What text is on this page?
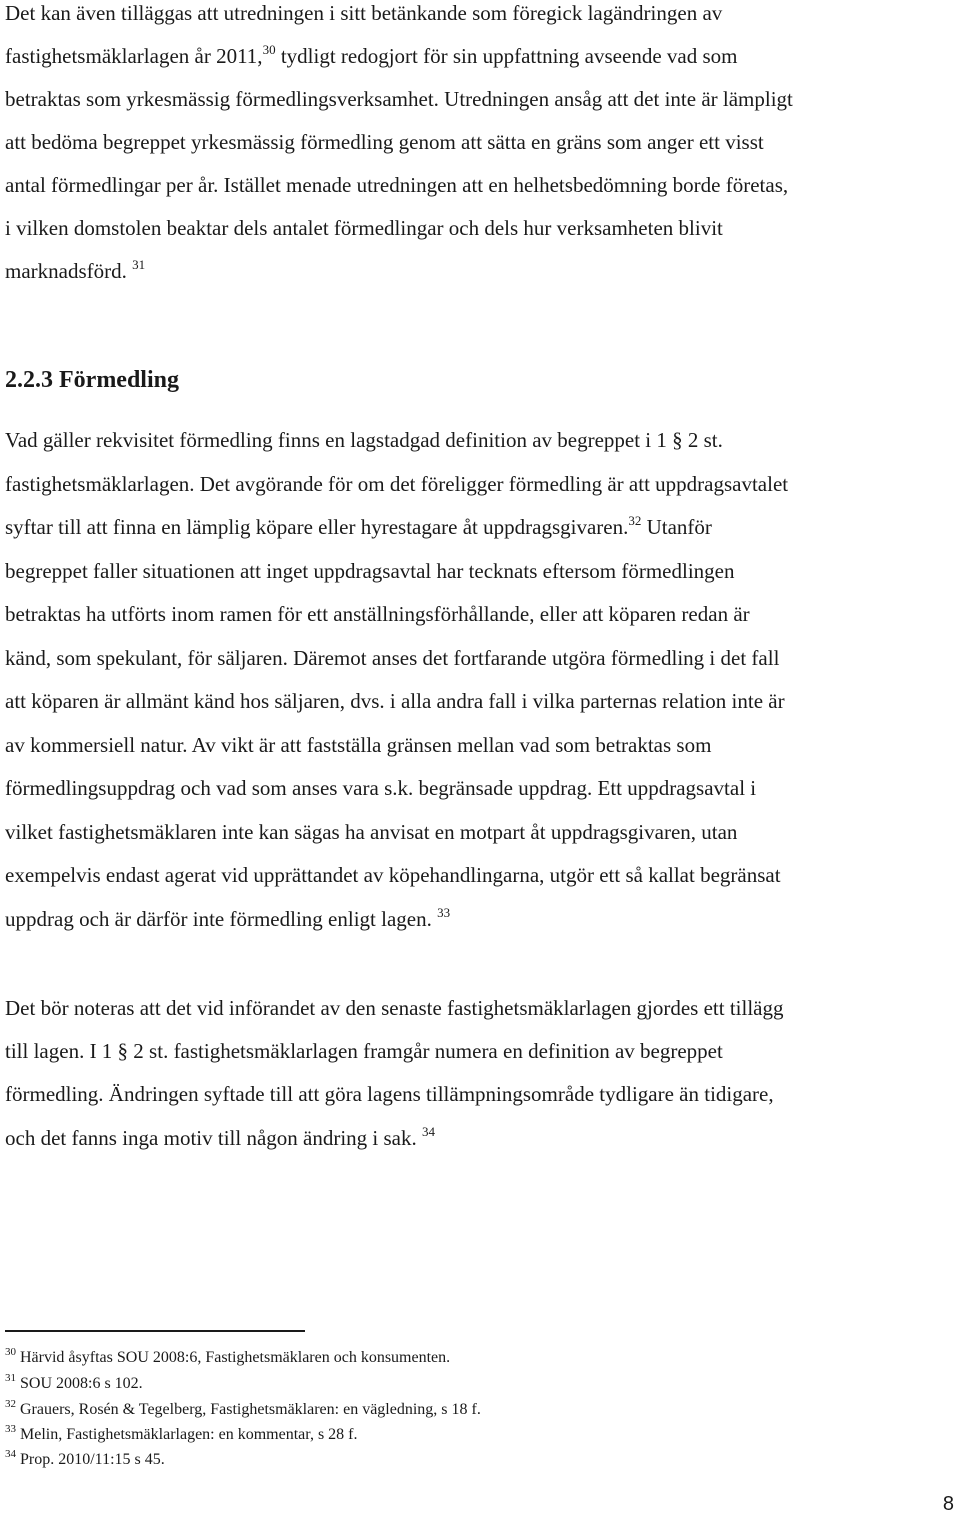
Det kan även tilläggas att utredningen i sitt betänkande som föregick lagändringen av
fastighetsmäklarlagen år 2011,30 tydligt redogjort för sin uppfattning avseende vad som
betraktas som yrkesmässig förmedlingsverksamhet. Utredningen ansåg att det inte är lämpligt
att bedöma begreppet yrkesmässig förmedling genom att sätta en gräns som anger ett visst
antal förmedlingar per år. Istället menade utredningen att en helhetsbedömning borde företas,
i vilken domstolen beaktar dels antalet förmedlingar och dels hur verksamheten blivit
marknadsförd. $^{31}$
2.2.3 Förmedling
Vad gäller rekvisitet förmedling finns en lagstadgad definition av begreppet i 1 § 2 st.
fastighetsmäklarlagen. Det avgörande för om det föreligger förmedling är att uppdragsavtalet
syftar till att finna en lämplig köpare eller hyrestagare åt uppdragsgivaren.$^{32}$ Utanför
begreppet faller situationen att inget uppdragsavtal har tecknats eftersom förmedlingen
betraktas ha utförts inom ramen för ett anställningsförhållande, eller att köparen redan är
känd, som spekulant, för säljaren. Däremot anses det fortfarande utgöra förmedling i det fall
att köparen är allmänt känd hos säljaren, dvs. i alla andra fall i vilka parternas relation inte är
av kommersiell natur. Av vikt är att fastställa gränsen mellan vad som betraktas som
förmedlingsuppdrag och vad som anses vara s.k. begränsade uppdrag. Ett uppdragsavtal i
vilket fastighetsmäklaren inte kan sägas ha anvisat en motpart åt uppdragsgivaren, utan
exempelvis endast agerat vid upprättandet av köpehandlingarna, utgör ett så kallat begränsat
uppdrag och är därför inte förmedling enligt lagen. $^{33}$
Det bör noteras att det vid införandet av den senaste fastighetsmäklarlagen gjordes ett tillägg
till lagen. I 1 § 2 st. fastighetsmäklarlagen framgår numera en definition av begreppet
förmedling. Ändringen syftade till att göra lagens tillämpningsområde tydligare än tidigare,
och det fanns inga motiv till någon ändring i sak. $^{34}$
$^{30}$ Härvid åsyftas SOU 2008:6, Fastighetsmäklaren och konsumenten.
$^{31}$ SOU 2008:6 s 102.
$^{32}$ Grauers, Rosén & Tegelberg, Fastighetsmäklaren: en vägledning, s 18 f.
$^{33}$ Melin, Fastighetsmäklarlagen: en kommentar, s 28 f.
$^{34}$ Prop. 2010/11:15 s 45.
8
